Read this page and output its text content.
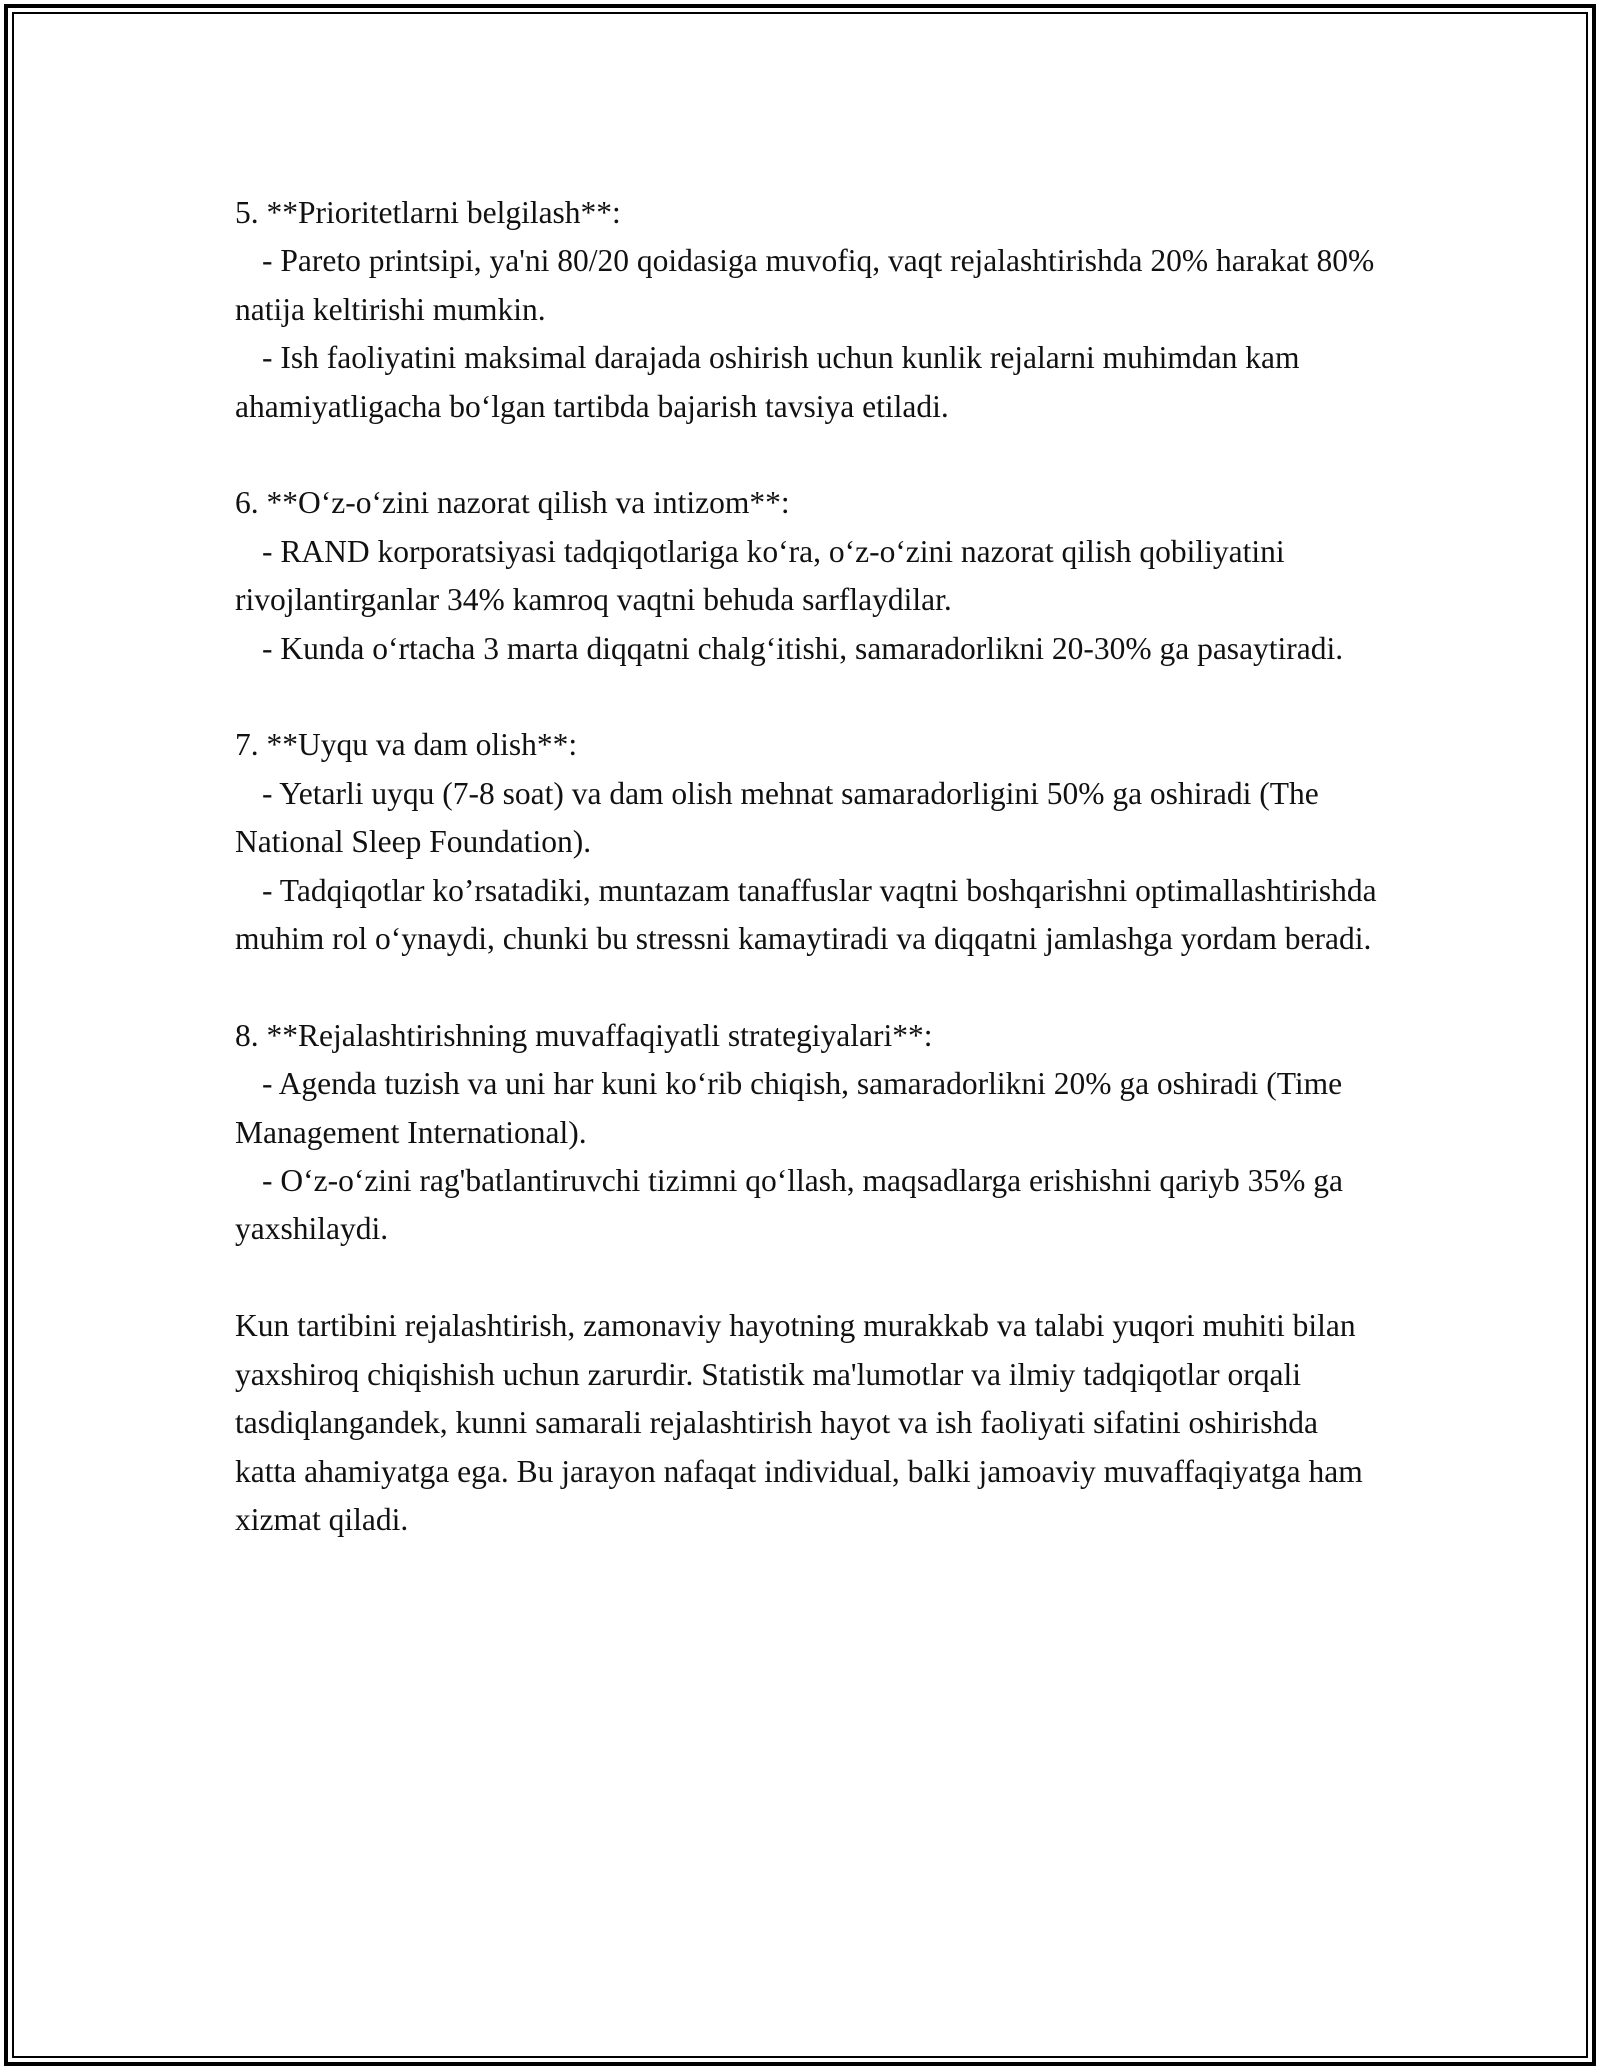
5. **Prioritetlarni belgilash**:

- Pareto printsipi, ya'ni 80/20 qoidasiga muvofiq, vaqt rejalashtirishda 20% harakat 80% natija keltirishi mumkin.

- Ish faoliyatini maksimal darajada oshirish uchun kunlik rejalarni muhimdan kam ahamiyatligacha bo‘lgan tartibda bajarish tavsiya etiladi.

6. **O‘z-o‘zini nazorat qilish va intizom**:

- RAND korporatsiyasi tadqiqotlariga ko‘ra, o‘z-o‘zini nazorat qilish qobiliyatini rivojlantirganlar 34% kamroq vaqtni behuda sarflaydilar.

- Kunda o‘rtacha 3 marta diqqatni chalg‘itishi, samaradorlikni 20-30% ga pasaytiradi.

7. **Uyqu va dam olish**:

- Yetarli uyqu (7-8 soat) va dam olish mehnat samaradorligini 50% ga oshiradi (The National Sleep Foundation).

- Tadqiqotlar ko’rsatadiki, muntazam tanaffuslar vaqtni boshqarishni optimallashtirishda muhim rol o‘ynaydi, chunki bu stressni kamaytiradi va diqqatni jamlashga yordam beradi.

8. **Rejalashtirishning muvaffaqiyatli strategiyalari**:

- Agenda tuzish va uni har kuni ko‘rib chiqish, samaradorlikni 20% ga oshiradi (Time Management International).

- O‘z-o‘zini rag'batlantiruvchi tizimni qo‘llash, maqsadlarga erishishni qariyb 35% ga yaxshilaydi.

Kun tartibini rejalashtirish, zamonaviy hayotning murakkab va talabi yuqori muhiti bilan yaxshiroq chiqishish uchun zarurdir. Statistik ma'lumotlar va ilmiy tadqiqotlar orqali tasdiqlangandek, kunni samarali rejalashtirish hayot va ish faoliyati sifatini oshirishda katta ahamiyatga ega. Bu jarayon nafaqat individual, balki jamoaviy muvaffaqiyatga ham xizmat qiladi.
